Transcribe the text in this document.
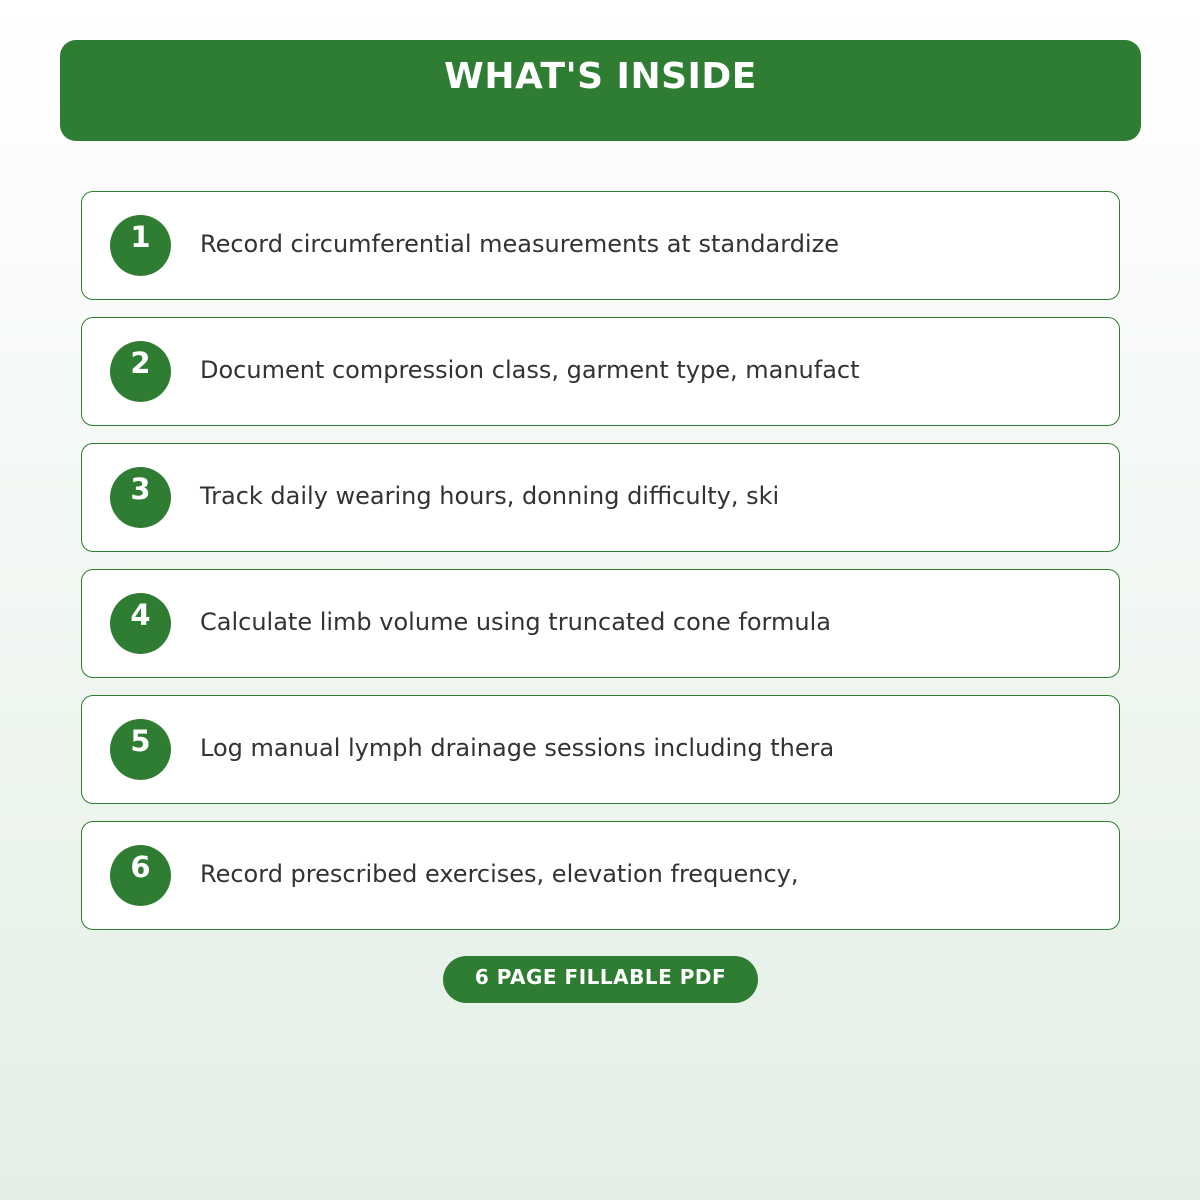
WHAT'S INSIDE
1	Record circumferential measurements at standardize
2	Document compression class, garment type, manufact
3	Track daily wearing hours, donning difficulty, ski
4	Calculate limb volume using truncated cone formula
5	Log manual lymph drainage sessions including thera
6	Record prescribed exercises, elevation frequency,
6 PAGE FILLABLE PDF
